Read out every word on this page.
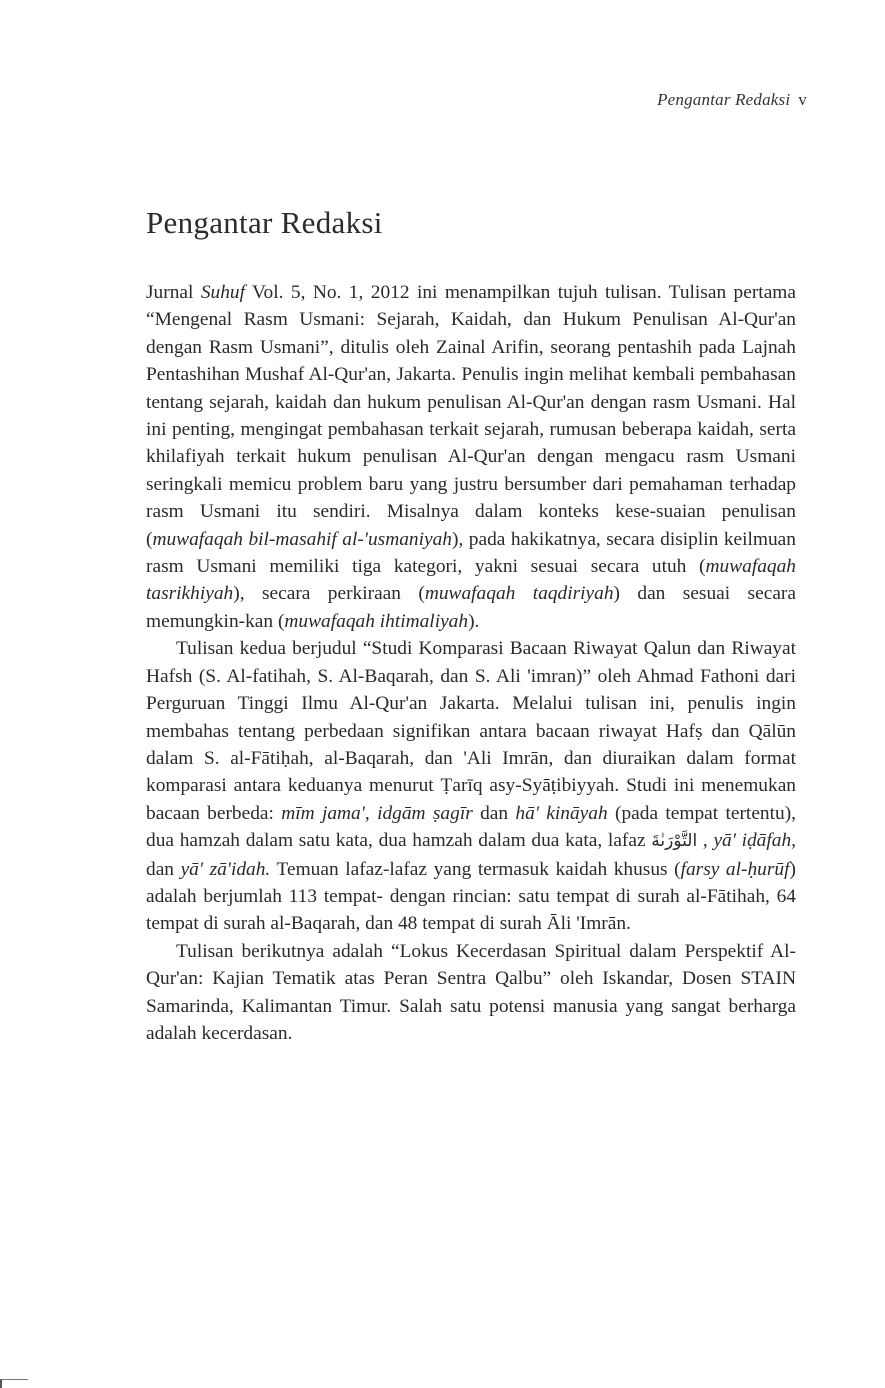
Pengantar Redaksi v
Pengantar Redaksi

Jurnal Suhuf Vol. 5, No. 1, 2012 ini menampilkan tujuh tulisan. Tulisan pertama “Mengenal Rasm Usmani: Sejarah, Kaidah, dan Hukum Penulisan Al-Qur'an dengan Rasm Usmani”, ditulis oleh Zainal Arifin, seorang pentashih pada Lajnah Pentashihan Mushaf Al-Qur'an, Jakarta. Penulis ingin melihat kembali pembahasan tentang sejarah, kaidah dan hukum penulisan Al-Qur'an dengan rasm Usmani. Hal ini penting, mengingat pembahasan terkait sejarah, rumusan beberapa kaidah, serta khilafiyah terkait hukum penulisan Al-Qur'an dengan mengacu rasm Usmani seringkali memicu problem baru yang justru bersumber dari pemahaman terhadap rasm Usmani itu sendiri. Misalnya dalam konteks kese-suaian penulisan (muwafaqah bil-masahif al-'usmaniyah), pada hakikatnya, secara disiplin keilmuan rasm Usmani memiliki tiga kategori, yakni sesuai secara utuh (muwafaqah tasrikhiyah), secara perkiraan (muwafaqah taqdiriyah) dan sesuai secara memungkin-kan (muwafaqah ihtimaliyah).

Tulisan kedua berjudul “Studi Komparasi Bacaan Riwayat Qalun dan Riwayat Hafsh (S. Al-fatihah, S. Al-Baqarah, dan S. Ali 'imran)” oleh Ahmad Fathoni dari Perguruan Tinggi Ilmu Al-Qur'an Jakarta. Melalui tulisan ini, penulis ingin membahas tentang perbedaan signifikan antara bacaan riwayat Hafṣ dan Qālūn dalam S. al-Fātiḥah, al-Baqarah, dan 'Ali Imrān, dan diuraikan dalam format komparasi antara keduanya menurut Ṭarīq asy-Syāṭibiyyah. Studi ini menemukan bacaan berbeda: mīm jama', idgām ṣagīr dan hā' kināyah (pada tempat tertentu), dua hamzah dalam satu kata, dua hamzah dalam dua kata, lafaz التَّوْرَىٰةَ , yā' iḍāfah, dan yā' zā'idah. Temuan lafaz-lafaz yang termasuk kaidah khusus (farsy al-ḥurūf) adalah berjumlah 113 tempat- dengan rincian: satu tempat di surah al-Fātihah, 64 tempat di surah al-Baqarah, dan 48 tempat di surah Āli 'Imrān.

Tulisan berikutnya adalah “Lokus Kecerdasan Spiritual dalam Perspektif Al-Qur'an: Kajian Tematik atas Peran Sentra Qalbu” oleh Iskandar, Dosen STAIN Samarinda, Kalimantan Timur. Salah satu potensi manusia yang sangat berharga adalah kecerdasan.
